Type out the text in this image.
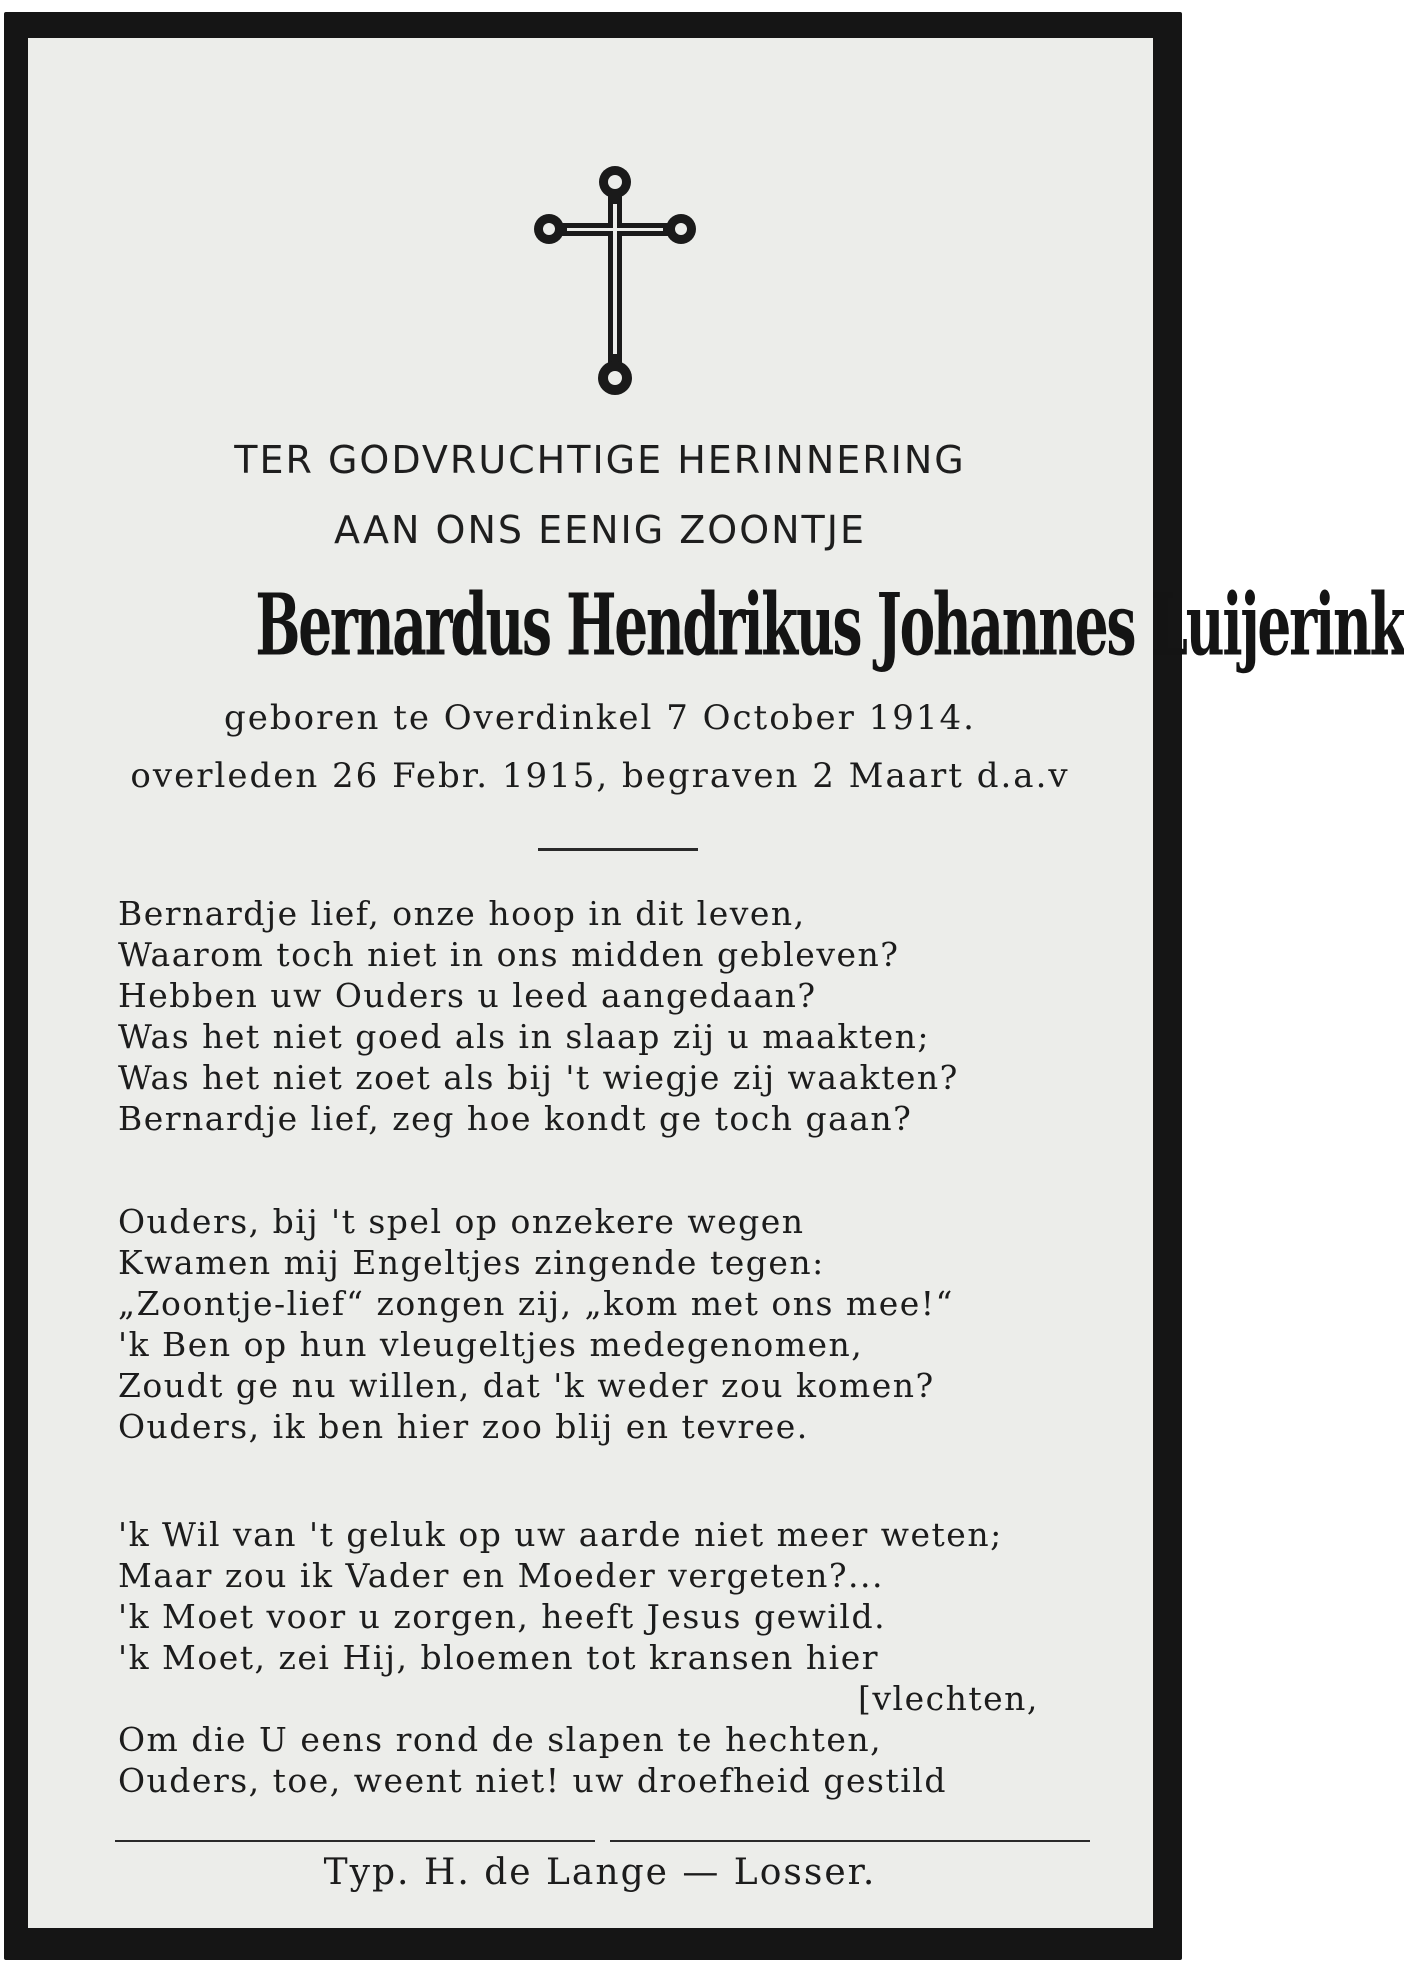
TER GODVRUCHTIGE HERINNERING
AAN ONS EENIG ZOONTJE
Bernardus Hendrikus Johannes Luijerink
geboren te Overdinkel 7 October 1914.
overleden 26 Febr. 1915, begraven 2 Maart d.a.v
Bernardje lief, onze hoop in dit leven,
Waarom toch niet in ons midden gebleven?
Hebben uw Ouders u leed aangedaan?
Was het niet goed als in slaap zij u maakten;
Was het niet zoet als bij 't wiegje zij waakten?
Bernardje lief, zeg hoe kondt ge toch gaan?
Ouders, bij 't spel op onzekere wegen
Kwamen mij Engeltjes zingende tegen:
„Zoontje-lief“ zongen zij, „kom met ons mee!“
'k Ben op hun vleugeltjes medegenomen,
Zoudt ge nu willen, dat 'k weder zou komen?
Ouders, ik ben hier zoo blij en tevree.
'k Wil van 't geluk op uw aarde niet meer weten;
Maar zou ik Vader en Moeder vergeten?...
'k Moet voor u zorgen, heeft Jesus gewild.
'k Moet, zei Hij, bloemen tot kransen hier
[vlechten,
Om die U eens rond de slapen te hechten,
Ouders, toe, weent niet! uw droefheid gestild
Typ. H. de Lange — Losser.
